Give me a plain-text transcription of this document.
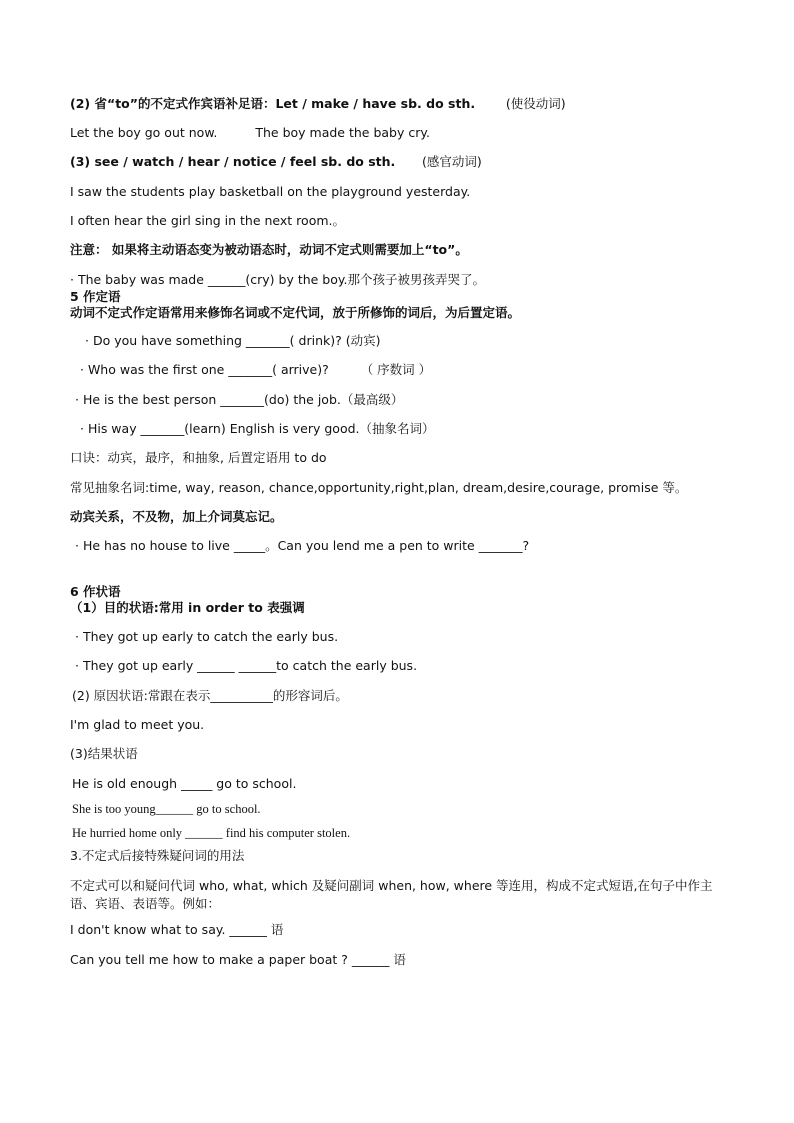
(2) 省“to”的不定式作宾语补足语：Let / make / have sb. do sth. (使役动词)
Let the boy go out now.	The boy made the baby cry.
(3) see / watch / hear / notice / feel sb. do sth. (感官动词)
I saw the students play basketball on the playground yesterday.
I often hear the girl sing in the next room.。
注意： 如果将主动语态变为被动语态时，动词不定式则需要加上“to”。
· The baby was made ______(cry) by the boy.那个孩子被男孩弄哭了。
5 作定语
动词不定式作定语常用来修饰名词或不定代词，放于所修饰的词后，为后置定语。
· Do you have something _______( drink)? (动宾)
· Who was the first one _______( arrive)?	（ 序数词 ）
· He is the best person _______(do) the job.（最高级）
· His way _______(learn) English is very good.（抽象名词）
口诀：动宾，最序，和抽象, 后置定语用 to do
常见抽象名词:time, way, reason, chance,opportunity,right,plan, dream,desire,courage, promise 等。
动宾关系，不及物，加上介词莫忘记。
· He has no house to live _____。Can you lend me a pen to write _______?
6 作状语
（1）目的状语:常用 in order to 表强调
· They got up early to catch the early bus.
· They got up early ______ ______to catch the early bus.
(2) 原因状语:常跟在表示__________的形容词后。
I'm glad to meet you.
(3)结果状语
He is old enough _____ go to school.
She is too young______ go to school.
He hurried home only ______ find his computer stolen.
3.不定式后接特殊疑问词的用法
不定式可以和疑问代词 who, what, which 及疑问副词 when, how, where 等连用，构成不定式短语,在句子中作主语、宾语、表语等。例如：
I don't know what to say. ______ 语
Can you tell me how to make a paper boat ? ______ 语
